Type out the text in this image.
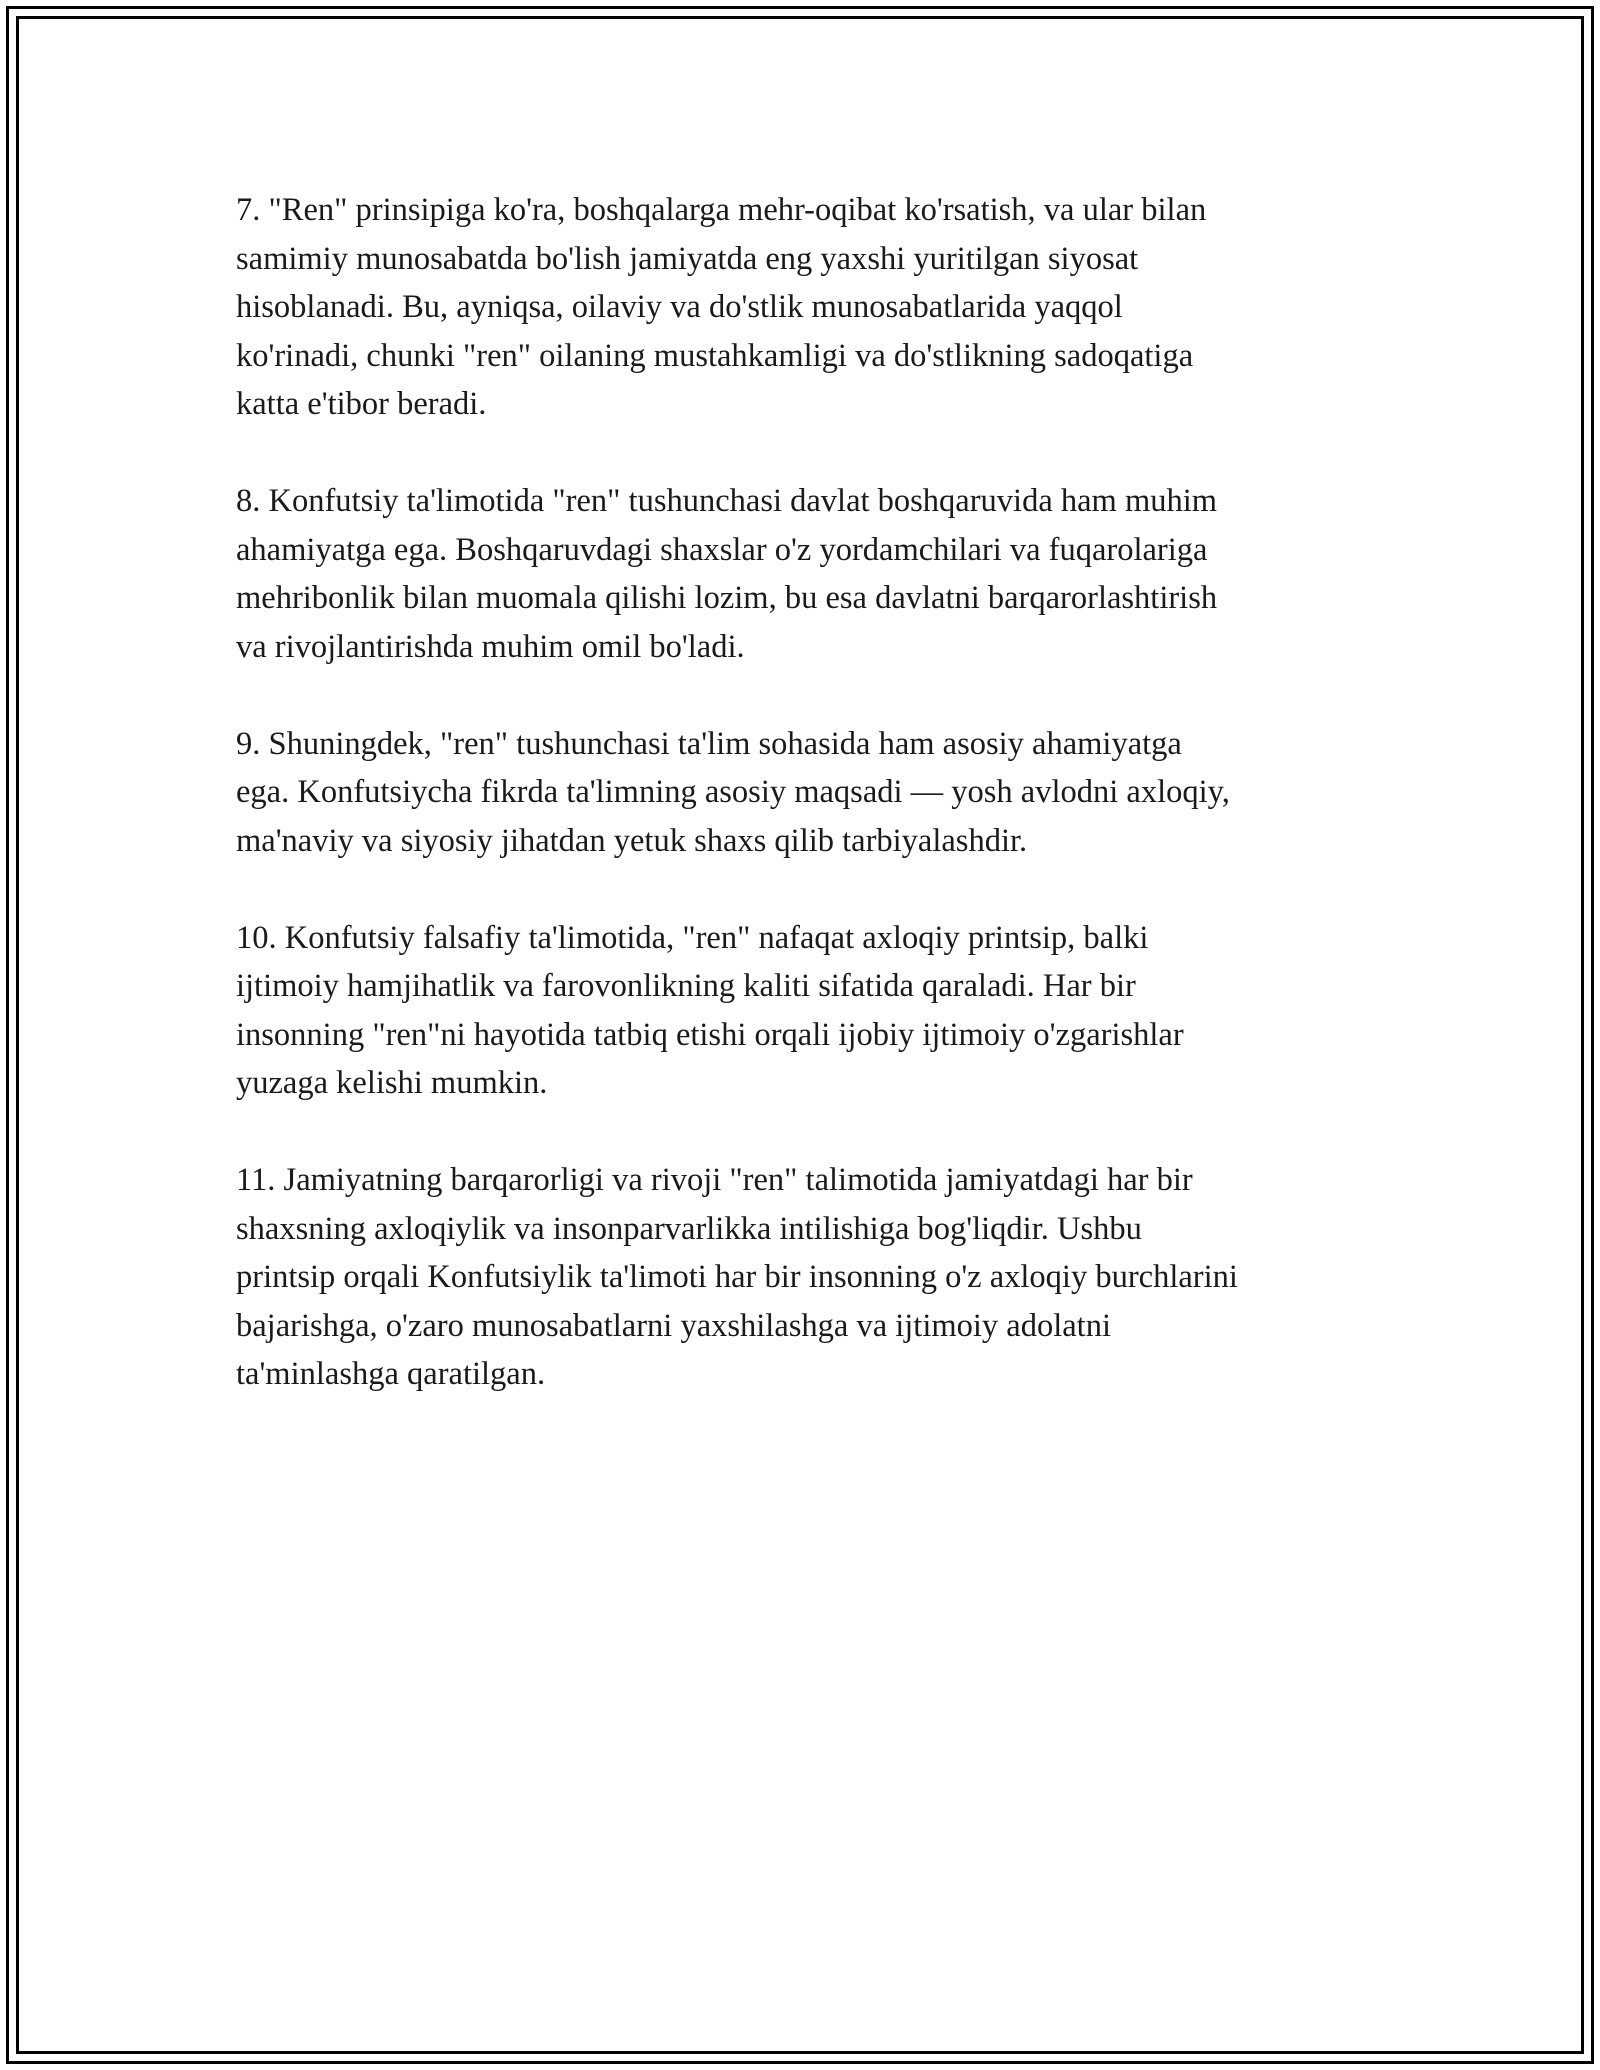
7. "Ren" prinsipiga ko'ra, boshqalarga mehr-oqibat ko'rsatish, va ular bilan
samimiy munosabatda bo'lish jamiyatda eng yaxshi yuritilgan siyosat
hisoblanadi. Bu, ayniqsa, oilaviy va do'stlik munosabatlarida yaqqol
ko'rinadi, chunki "ren" oilaning mustahkamligi va do'stlikning sadoqatiga
katta e'tibor beradi.

8. Konfutsiy ta'limotida "ren" tushunchasi davlat boshqaruvida ham muhim
ahamiyatga ega. Boshqaruvdagi shaxslar o'z yordamchilari va fuqarolariga
mehribonlik bilan muomala qilishi lozim, bu esa davlatni barqarorlashtirish
va rivojlantirishda muhim omil bo'ladi.

9. Shuningdek, "ren" tushunchasi ta'lim sohasida ham asosiy ahamiyatga
ega. Konfutsiycha fikrda ta'limning asosiy maqsadi — yosh avlodni axloqiy,
ma'naviy va siyosiy jihatdan yetuk shaxs qilib tarbiyalashdir.

10. Konfutsiy falsafiy ta'limotida, "ren" nafaqat axloqiy printsip, balki
ijtimoiy hamjihatlik va farovonlikning kaliti sifatida qaraladi. Har bir
insonning "ren"ni hayotida tatbiq etishi orqali ijobiy ijtimoiy o'zgarishlar
yuzaga kelishi mumkin.

11. Jamiyatning barqarorligi va rivoji "ren" talimotida jamiyatdagi har bir
shaxsning axloqiylik va insonparvarlikka intilishiga bog'liqdir. Ushbu
printsip orqali Konfutsiylik ta'limoti har bir insonning o'z axloqiy burchlarini
bajarishga, o'zaro munosabatlarni yaxshilashga va ijtimoiy adolatni
ta'minlashga qaratilgan.
